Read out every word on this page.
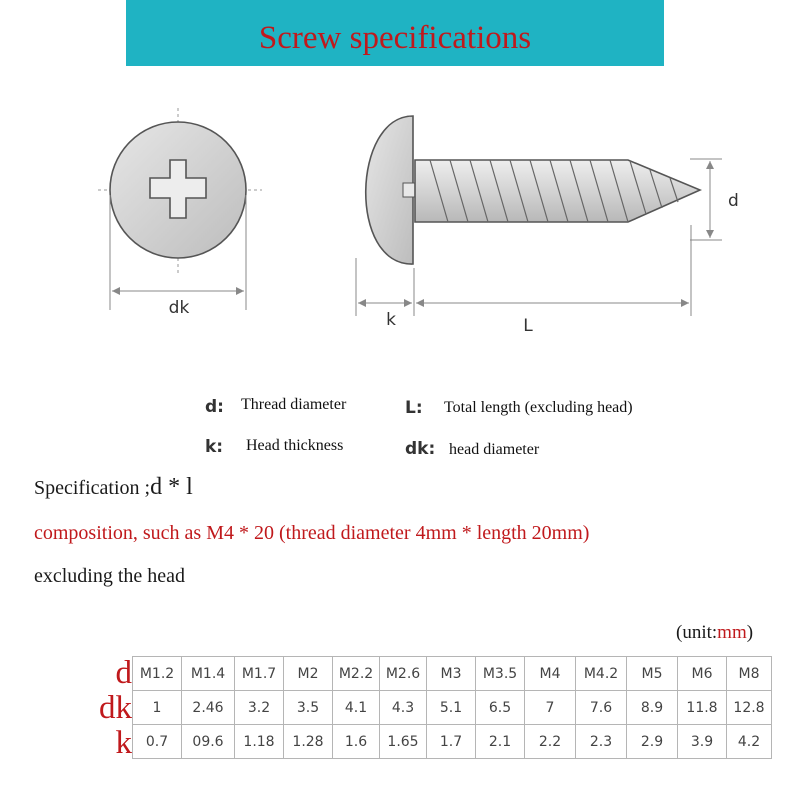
Screw specifications
dk
d
k	L
d: Thread diameter	L: Total length (excluding head)
k: Head thickness	dk: head diameter
Specification ;d * l
composition, such as M4 * 20 (thread diameter 4mm * length 20mm)
excluding the head
(unit:mm)
d
dk
k
M1.2	M1.4	M1.7	M2	M2.2	M2.6	M3	M3.5	M4	M4.2	M5	M6	M8
1	2.46	3.2	3.5	4.1	4.3	5.1	6.5	7	7.6	8.9	11.8	12.8
0.7	09.6	1.18	1.28	1.6	1.65	1.7	2.1	2.2	2.3	2.9	3.9	4.2
